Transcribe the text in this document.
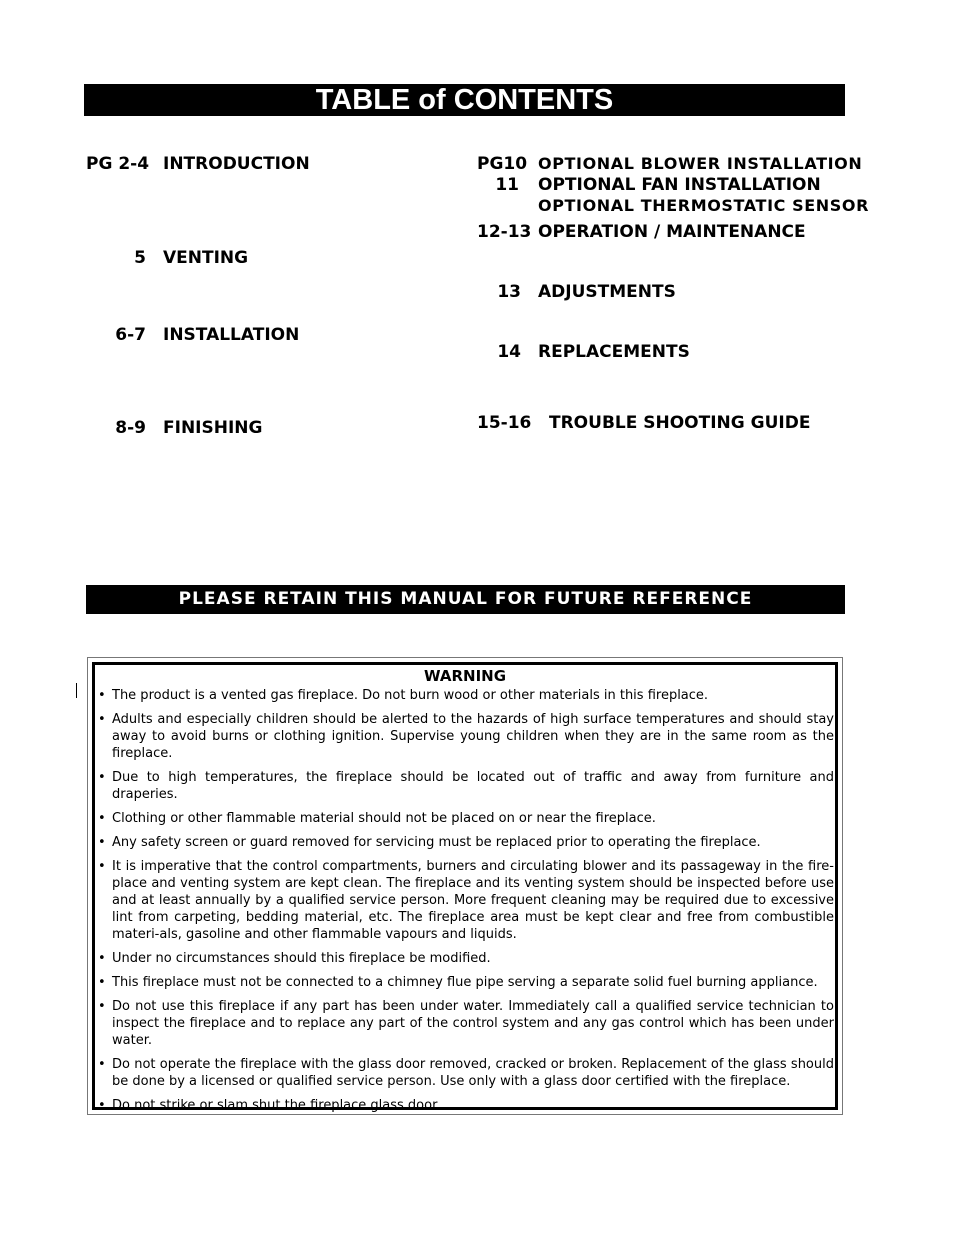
TABLE of CONTENTS
PG 2-4 INTRODUCTION
5 VENTING
6-7 INSTALLATION
8-9 FINISHING
PG10 OPTIONAL BLOWER INSTALLATION
11 OPTIONAL FAN INSTALLATION
OPTIONAL THERMOSTATIC SENSOR
12-13 OPERATION / MAINTENANCE
13 ADJUSTMENTS
14 REPLACEMENTS
15-16 TROUBLE SHOOTING GUIDE
PLEASE RETAIN THIS MANUAL FOR FUTURE REFERENCE
WARNING
• The product is a vented gas fireplace. Do not burn wood or other materials in this fireplace.
• Adults and especially children should be alerted to the hazards of high surface temperatures and should stay away to avoid burns or clothing ignition. Supervise young children when they are in the same room as the fireplace.
• Due to high temperatures, the fireplace should be located out of traffic and away from furniture and draperies.
• Clothing or other flammable material should not be placed on or near the fireplace.
• Any safety screen or guard removed for servicing must be replaced prior to operating the fireplace.
• It is imperative that the control compartments, burners and circulating blower and its passageway in the fire-place and venting system are kept clean. The fireplace and its venting system should be inspected before use and at least annually by a qualified service person. More frequent cleaning may be required due to excessive lint from carpeting, bedding material, etc. The fireplace area must be kept clear and free from combustible materi-als, gasoline and other flammable vapours and liquids.
• Under no circumstances should this fireplace be modified.
• This fireplace must not be connected to a chimney flue pipe serving a separate solid fuel burning appliance.
• Do not use this fireplace if any part has been under water. Immediately call a qualified service technician to inspect the fireplace and to replace any part of the control system and any gas control which has been under water.
• Do not operate the fireplace with the glass door removed, cracked or broken. Replacement of the glass should be done by a licensed or qualified service person. Use only with a glass door certified with the fireplace.
• Do not strike or slam shut the fireplace glass door.
